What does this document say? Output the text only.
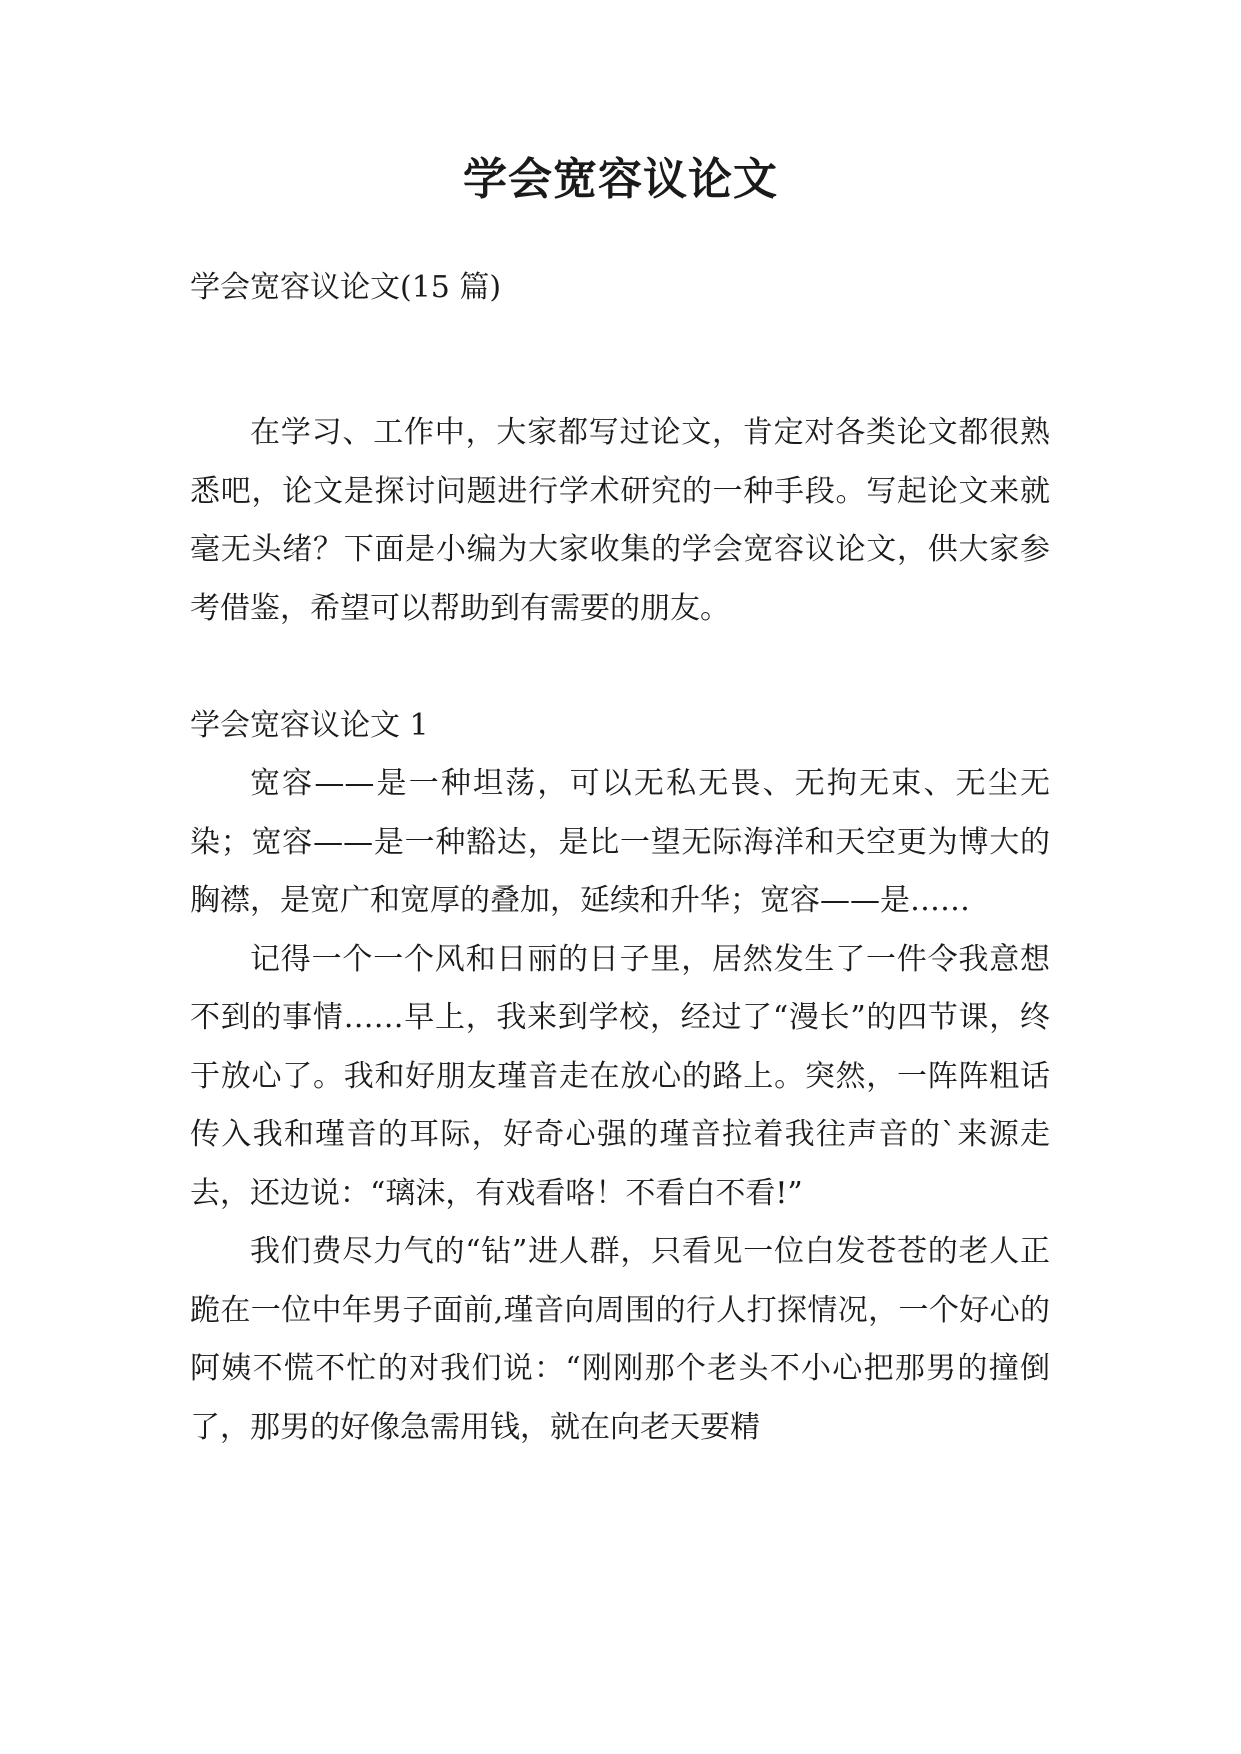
学会宽容议论文
学会宽容议论文(15 篇)

在学习、工作中，大家都写过论文，肯定对各类论文都很熟悉吧，论文是探讨问题进行学术研究的一种手段。写起论文来就毫无头绪？下面是小编为大家收集的学会宽容议论文，供大家参考借鉴，希望可以帮助到有需要的朋友。

学会宽容议论文 1

宽容——是一种坦荡，可以无私无畏、无拘无束、无尘无染；宽容——是一种豁达，是比一望无际海洋和天空更为博大的胸襟，是宽广和宽厚的叠加，延续和升华；宽容——是……

记得一个一个风和日丽的日子里，居然发生了一件令我意想不到的事情……早上，我来到学校，经过了“漫长”的四节课，终于放心了。我和好朋友瑾音走在放心的路上。突然，一阵阵粗话传入我和瑾音的耳际，好奇心强的瑾音拉着我往声音的`来源走去，还边说：“璃沫，有戏看咯！不看白不看!”

我们费尽力气的“钻”进人群，只看见一位白发苍苍的老人正跪在一位中年男子面前,瑾音向周围的行人打探情况，一个好心的阿姨不慌不忙的对我们说：“刚刚那个老头不小心把那男的撞倒了，那男的好像急需用钱，就在向老天要精
